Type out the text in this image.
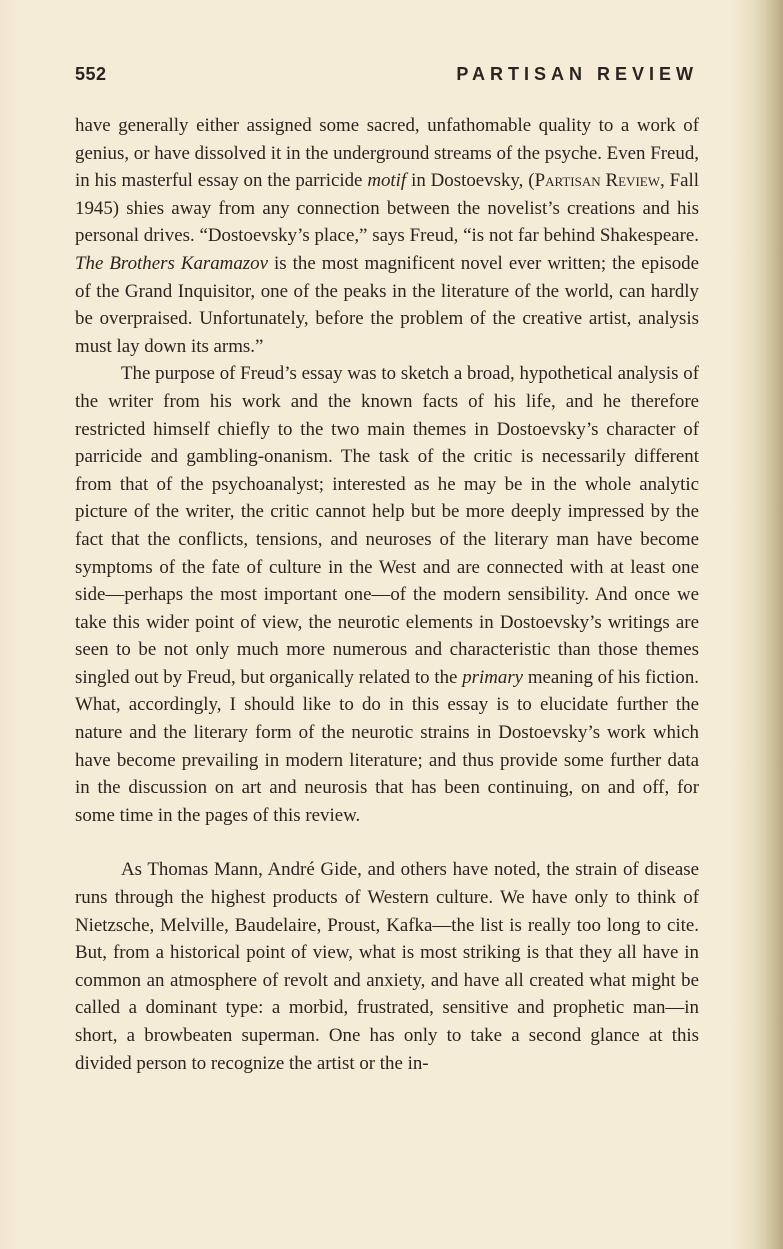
552	PARTISAN REVIEW

have generally either assigned some sacred, unfathomable quality to a work of genius, or have dissolved it in the underground streams of the psyche. Even Freud, in his masterful essay on the parricide motif in Dostoevsky, (Partisan Review, Fall 1945) shies away from any connection between the novelist’s creations and his personal drives. “Dostoevsky’s place,” says Freud, “is not far behind Shakespeare. The Brothers Karamazov is the most magnificent novel ever written; the episode of the Grand Inquisitor, one of the peaks in the literature of the world, can hardly be overpraised. Unfortunately, before the problem of the creative artist, analysis must lay down its arms.”

The purpose of Freud’s essay was to sketch a broad, hypothetical analysis of the writer from his work and the known facts of his life, and he therefore restricted himself chiefly to the two main themes in Dostoevsky’s character of parricide and gambling-onanism. The task of the critic is necessarily different from that of the psychoanalyst; interested as he may be in the whole analytic picture of the writer, the critic cannot help but be more deeply impressed by the fact that the conflicts, tensions, and neuroses of the literary man have become symptoms of the fate of culture in the West and are connected with at least one side—perhaps the most important one—of the modern sensibility. And once we take this wider point of view, the neurotic elements in Dostoevsky’s writings are seen to be not only much more numerous and characteristic than those themes singled out by Freud, but organically related to the primary meaning of his fiction. What, accordingly, I should like to do in this essay is to elucidate further the nature and the literary form of the neurotic strains in Dostoevsky’s work which have become prevailing in modern literature; and thus provide some further data in the discussion on art and neurosis that has been continuing, on and off, for some time in the pages of this review.

As Thomas Mann, André Gide, and others have noted, the strain of disease runs through the highest products of Western culture. We have only to think of Nietzsche, Melville, Baudelaire, Proust, Kafka—the list is really too long to cite. But, from a historical point of view, what is most striking is that they all have in common an atmosphere of revolt and anxiety, and have all created what might be called a dominant type: a morbid, frustrated, sensitive and prophetic man—in short, a browbeaten superman. One has only to take a second glance at this divided person to recognize the artist or the in-
